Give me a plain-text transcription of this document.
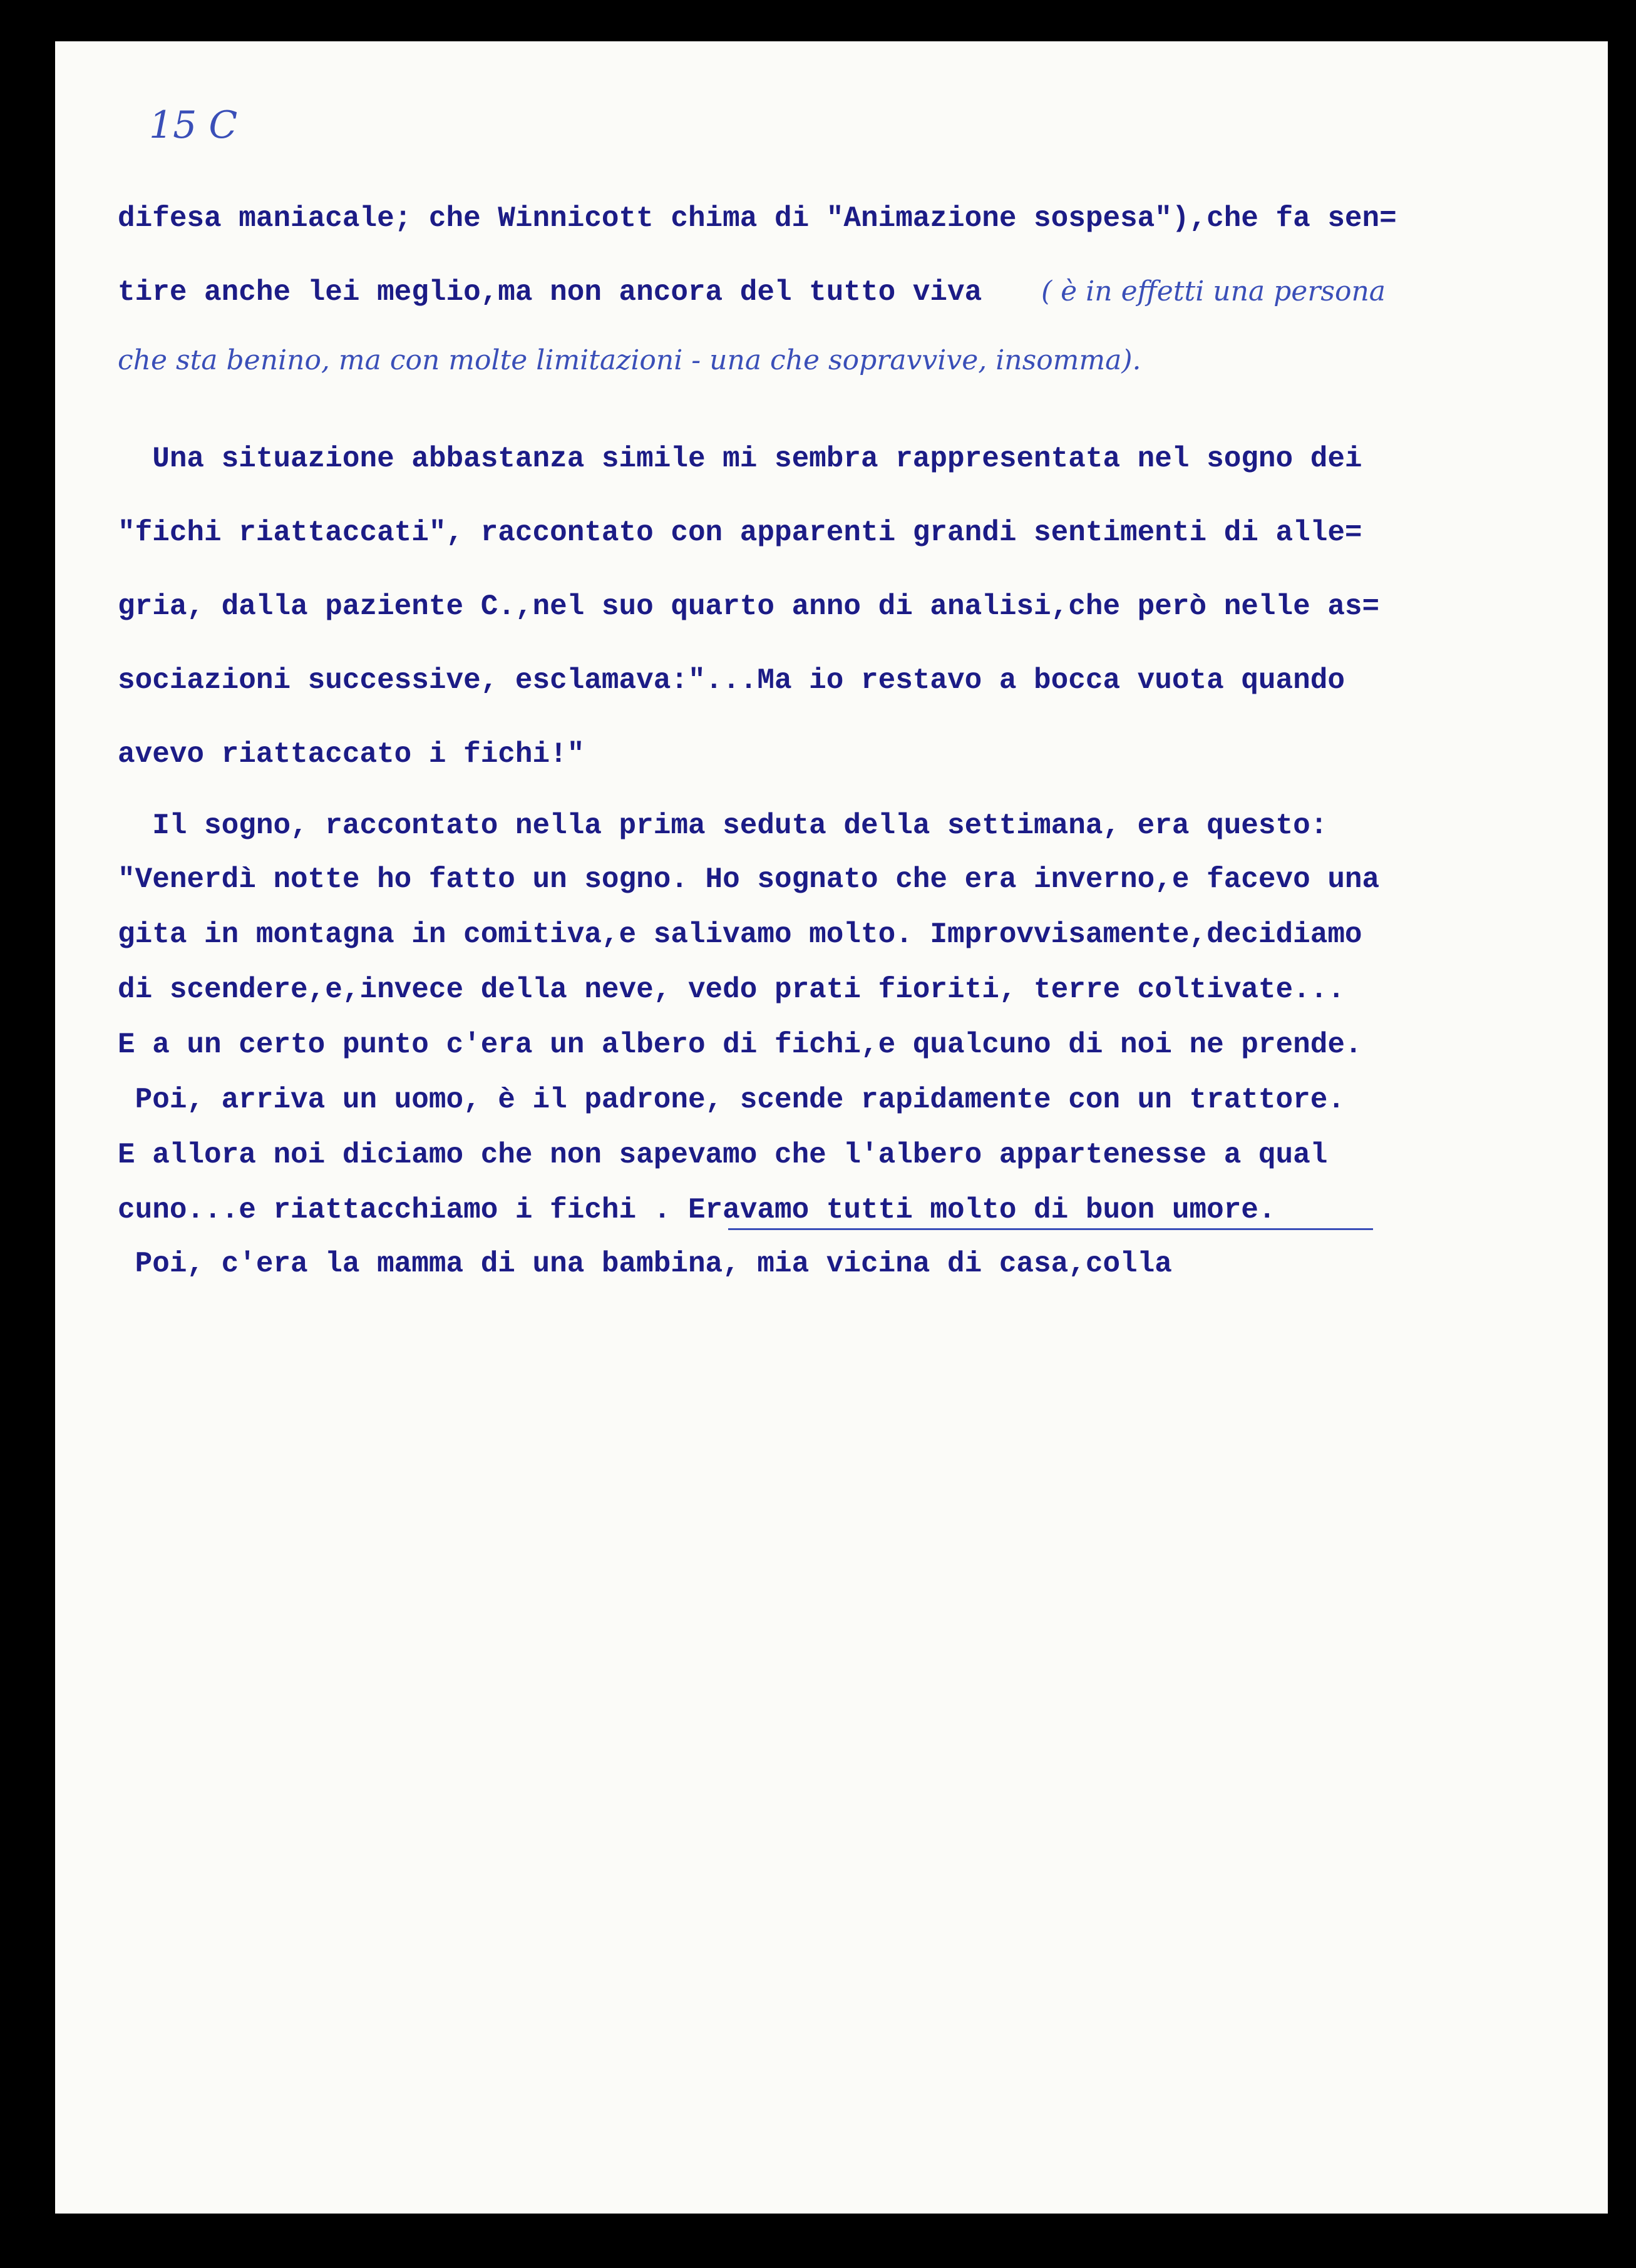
15 C
difesa maniacale; che Winnicott chima di "Animazione sospesa"),che fa sen=
tire anche lei meglio,ma non ancora del tutto viva ( è in effetti una persona
che sta benino, ma con molte limitazioni - una che sopravvive, insomma).
Una situazione abbastanza simile mi sembra rappresentata nel sogno dei
"fichi riattaccati", raccontato con apparenti grandi sentimenti di alle=
gria, dalla paziente C.,nel suo quarto anno di analisi,che però nelle as=
sociazioni successive, esclamava:"...Ma io restavo a bocca vuota quando
avevo riattaccato i fichi!"
Il sogno, raccontato nella prima seduta della settimana, era questo:
"Venerdì notte ho fatto un sogno. Ho sognato che era inverno,e facevo una
gita in montagna in comitiva,e salivamo molto. Improvvisamente,decidiamo
di scendere,e,invece della neve, vedo prati fioriti, terre coltivate...
E a un certo punto c'era un albero di fichi,e qualcuno di noi ne prende.
Poi, arriva un uomo, è il padrone, scende rapidamente con un trattore.
E allora noi diciamo che non sapevamo che l'albero appartenesse a qual
cuno...e riattacchiamo i fichi . Eravamo tutti molto di buon umore.
Poi, c'era la mamma di una bambina, mia vicina di casa,colla
